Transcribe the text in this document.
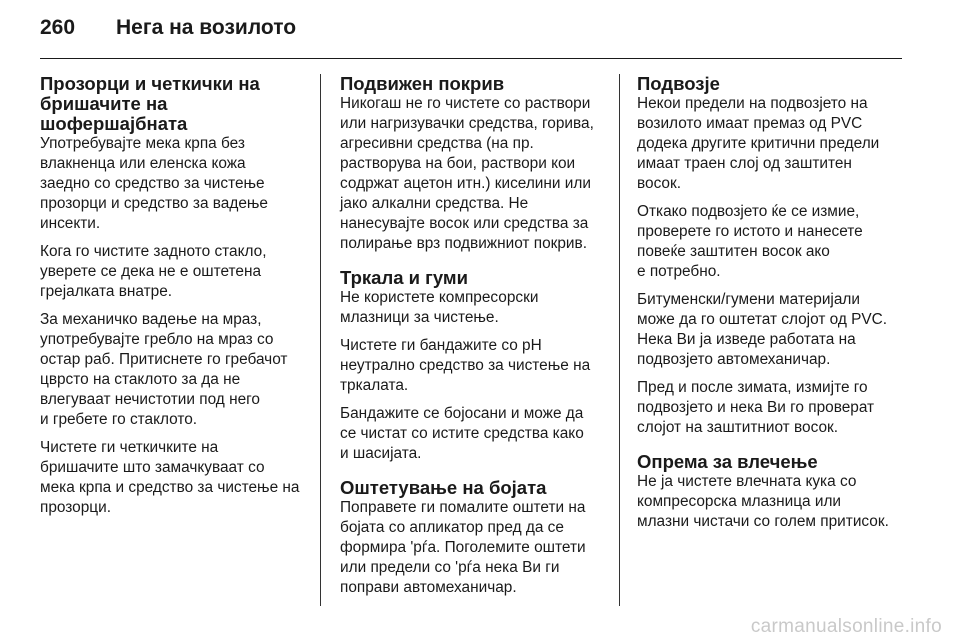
260	Нега на возилото
Прозорци и четкички на
бришачите на
шофершајбната

Употребувајте мека крпа без
влакненца или еленска кожа
заедно со средство за чистење
прозорци и средство за вадење
инсекти.

Кога го чистите задното стакло,
уверете се дека не е оштетена
грејалката внатре.

За механичко вадење на мраз,
употребувајте гребло на мраз со
остар раб. Притиснете го гребачот
цврсто на стаклото за да не
влегуваат нечистотии под него
и гребете го стаклото.

Чистете ги четкичките на
бришачите што замачкуваат со
мека крпа и средство за чистење на
прозорци.

Подвижен покрив

Никогаш не го чистете со раствори
или нагризувачки средства, горива,
агресивни средства (на пр.
растворува на бои, раствори кои
содржат ацетон итн.) киселини или
јако алкални средства. Не
нанесувајте восок или средства за
полирање врз подвижниот покрив.

Тркала и гуми

Не користете компресорски
млазници за чистење.

Чистете ги бандажите со pH
неутрално средство за чистење на
тркалата.

Бандажите се бојосани и може да
се чистат со истите средства како
и шасијата.

Оштетување на бојата

Поправете ги помалите оштети на
бојата со апликатор пред да се
формира 'рѓа. Поголемите оштети
или предели со 'рѓа нека Ви ги
поправи автомеханичар.

Подвозје

Некои предели на подвозјето на
возилото имаат премаз од PVC
додека другите критични предели
имаат траен слој од заштитен
восок.

Откако подвозјето ќе се измие,
проверете го истото и нанесете
повеќе заштитен восок ако
е потребно.

Битуменски/гумени материјали
може да го оштетат слојот од PVC.
Нека Ви ја изведе работата на
подвозјето автомеханичар.

Пред и после зимата, измијте го
подвозјето и нека Ви го проверат
слојот на заштитниот восок.

Опрема за влечење

Не ја чистете влечната кука со
компресорска млазница или
млазни чистачи со голем притисок.

carmanualsonline.info
